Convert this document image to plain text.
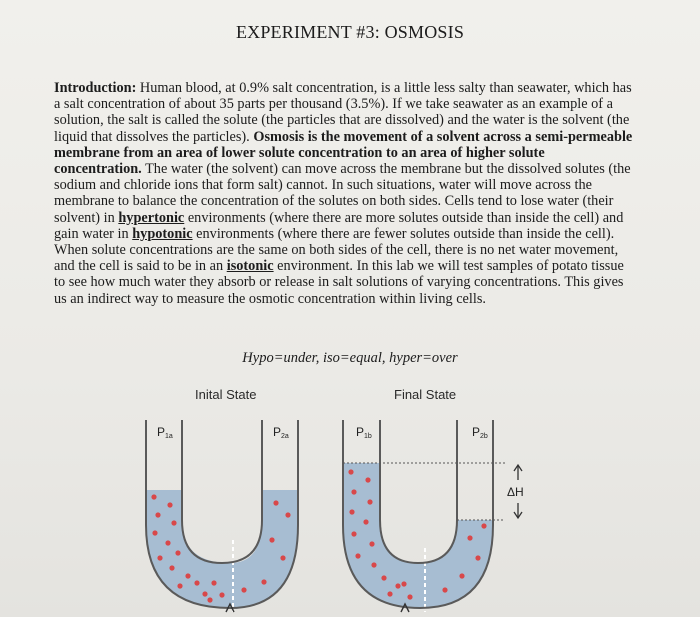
EXPERIMENT #3: OSMOSIS
Introduction: Human blood, at 0.9% salt concentration, is a little less salty than seawater, which has a salt concentration of about 35 parts per thousand (3.5%). If we take seawater as an example of a solution, the salt is called the solute (the particles that are dissolved) and the water is the solvent (the liquid that dissolves the particles). Osmosis is the movement of a solvent across a semi-permeable membrane from an area of lower solute concentration to an area of higher solute concentration. The water (the solvent) can move across the membrane but the dissolved solutes (the sodium and chloride ions that form salt) cannot. In such situations, water will move across the membrane to balance the concentration of the solutes on both sides. Cells tend to lose water (their solvent) in hypertonic environments (where there are more solutes outside than inside the cell) and gain water in hypotonic environments (where there are fewer solutes outside than inside the cell). When solute concentrations are the same on both sides of the cell, there is no net water movement, and the cell is said to be in an isotonic environment. In this lab we will test samples of potato tissue to see how much water they absorb or release in salt solutions of varying concentrations. This gives us an indirect way to measure the osmotic concentration within living cells.
Hypo=under, iso=equal, hyper=over
Inital State	Final State
ΔH
P1a	P2a	P1b	P2b
